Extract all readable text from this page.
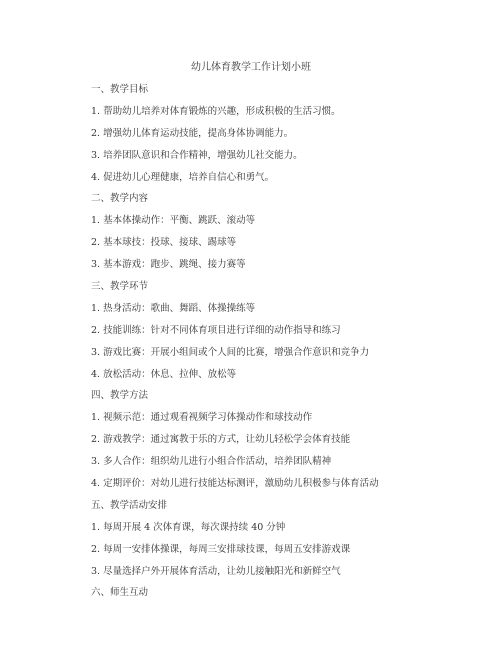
幼儿体育教学工作计划小班
一、教学目标
1. 帮助幼儿培养对体育锻炼的兴趣，形成积极的生活习惯。
2. 增强幼儿体育运动技能，提高身体协调能力。
3. 培养团队意识和合作精神，增强幼儿社交能力。
4. 促进幼儿心理健康，培养自信心和勇气。
二、教学内容
1. 基本体操动作：平衡、跳跃、滚动等
2. 基本球技：投球、接球、踢球等
3. 基本游戏：跑步、跳绳、接力赛等
三、教学环节
1. 热身活动：歌曲、舞蹈、体操操练等
2. 技能训练：针对不同体育项目进行详细的动作指导和练习
3. 游戏比赛：开展小组间或个人间的比赛，增强合作意识和竞争力
4. 放松活动：休息、拉伸、放松等
四、教学方法
1. 视频示范：通过观看视频学习体操动作和球技动作
2. 游戏教学：通过寓教于乐的方式，让幼儿轻松学会体育技能
3. 多人合作：组织幼儿进行小组合作活动，培养团队精神
4. 定期评价：对幼儿进行技能达标测评，激励幼儿积极参与体育活动
五、教学活动安排
1. 每周开展 4 次体育课，每次课持续 40 分钟
2. 每周一安排体操课，每周三安排球技课，每周五安排游戏课
3. 尽量选择户外开展体育活动，让幼儿接触阳光和新鲜空气
六、师生互动
